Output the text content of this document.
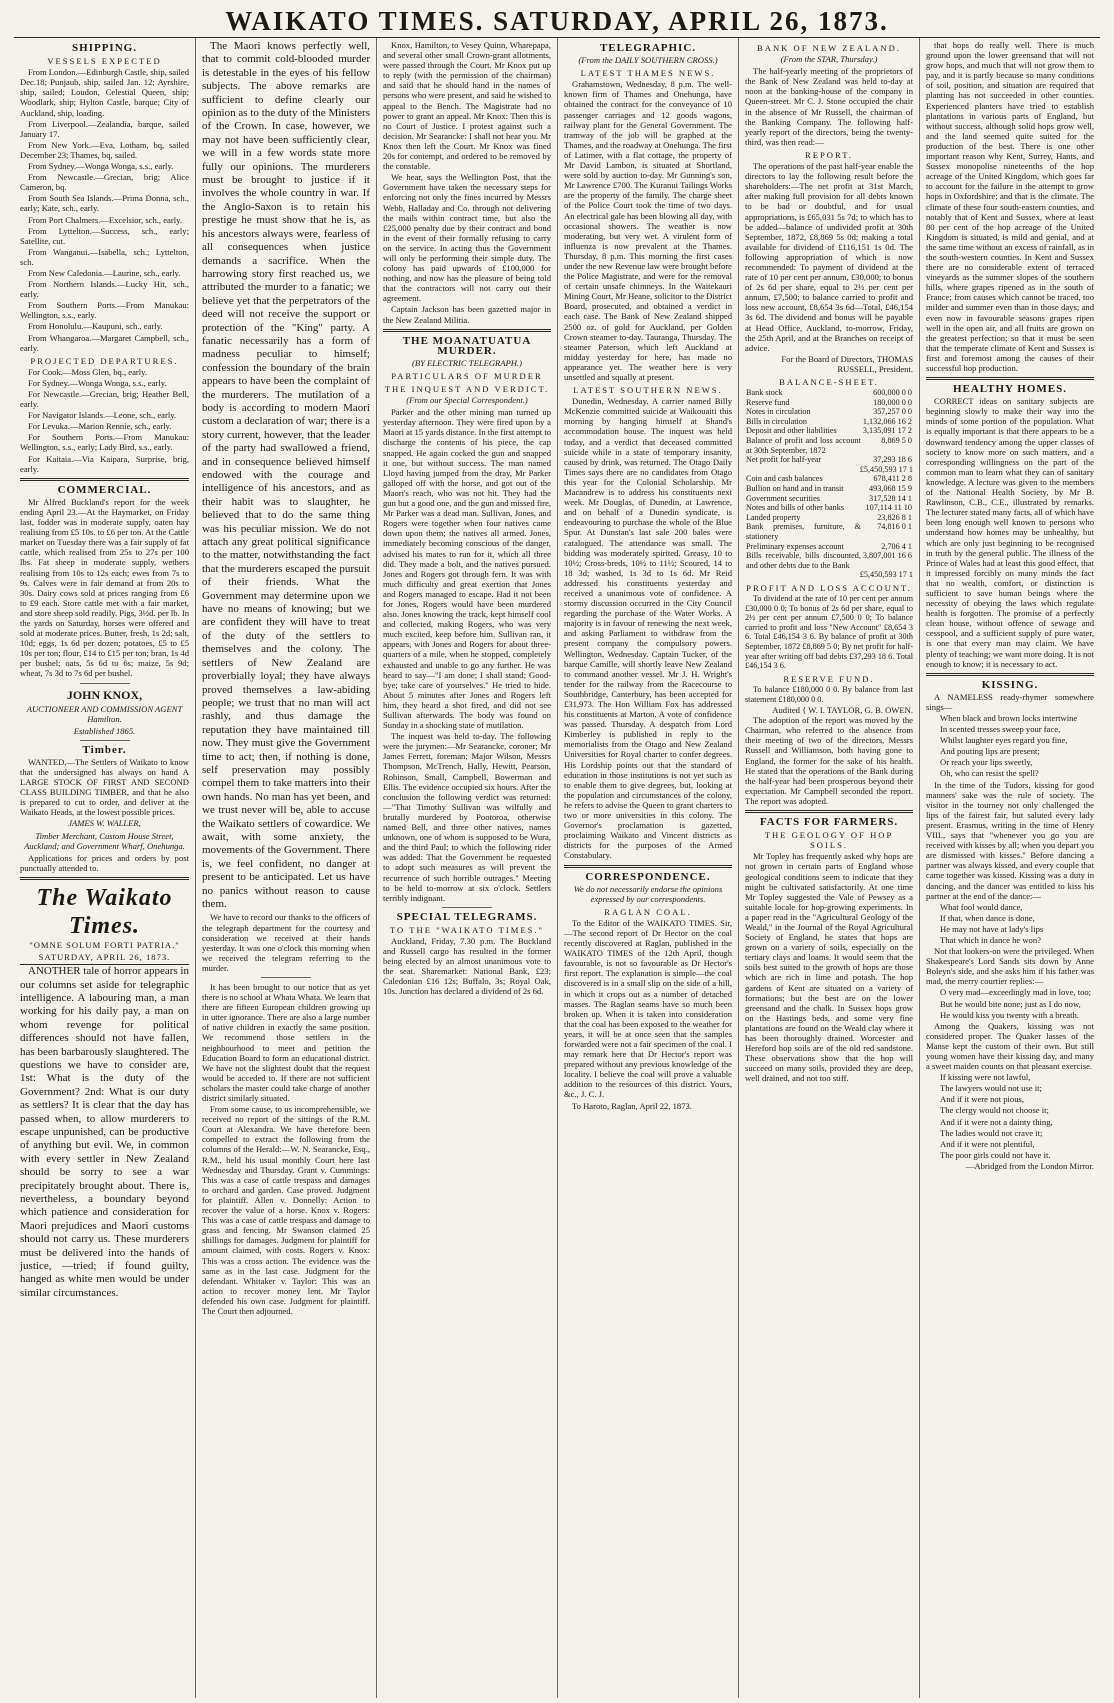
WAIKATO TIMES. SATURDAY, APRIL 26, 1873.
SHIPPING.
VESSELS EXPECTED

From London.—Edinburgh Castle, ship, sailed Dec.18; Punjaub, ship, sailed Jan. 12; Ayrshire, ship, sailed; Loudon, Celestial Queen, ship; Woodlark, ship; Hylton Castle, barque; City of Auckland, ship, loading.

From Liverpool.—Zealandia, barque, sailed January 17.

From New York.—Eva, Lotham, bq, sailed December 23; Thames, bq, sailed.

From Sydney.—Wonga Wonga, s.s., early.

From Newcastle.—Grecian, brig; Alice Cameron, bq.

From South Sea Islands.—Prima Donna, sch., early; Kate, sch., early.

From Port Chalmers.—Excelsior, sch., early.

From Lyttelton.—Success, sch., early; Satellite, cut.

From Wanganui.—Isabella, sch.; Lyttelton, sch.

From New Caledonia.—Laurine, sch., early.

From Northern Islands.—Lucky Hit, sch., early.

From Southern Ports.—From Manukau: Wellington, s.s., early.

From Honolulu.—Kaupuni, sch., early.

From Whangaroa.—Margaret Campbell, sch., early.

PROJECTED DEPARTURES.

For Cook.—Moss Glen, bq., early.

For Sydney.—Wonga Wonga, s.s., early.

For Newcastle.—Grecian, brig; Heather Bell, early.

For Navigator Islands.—Leone, sch., early.

For Levuka.—Marion Rennie, sch., early.

For Southern Ports.—From Manukau: Wellington, s.s., early; Lady Bird, s.s., early.

For Kaitaia.—Via Kaipara, Surprise, brig, early.

COMMERCIAL.

Mr Alfred Buckland's report for the week ending April 23.—At the Haymarket, on Friday last, fodder was in moderate supply, oaten hay realising from £5 10s. to £6 per ton. At the Cattle market on Tuesday there was a fair supply of fat cattle, which realised from 25s to 27s per 100 lbs. Fat sheep in moderate supply, wethers realising from 10s to 12s each; ewes from 7s to 9s. Calves were in fair demand at from 20s to 30s. Dairy cows sold at prices ranging from £6 to £9 each. Store cattle met with a fair market, and store sheep sold readily. Pigs, 3½d. per lb. In the yards on Saturday, horses were offered and sold at moderate prices. Butter, fresh, 1s 2d; salt, 10d; eggs, 1s 6d per dozen; potatoes, £5 to £5 10s per ton; flour, £14 to £15 per ton; bran, 1s 4d per bushel; oats, 5s 6d to 6s; maize, 5s 9d; wheat, 7s 3d to 7s 6d per bushel.

JOHN KNOX,
AUCTIONEER AND COMMISSION AGENT Hamilton.
Established 1865.
Timber.

WANTED,—The Settlers of Waikato to know that the undersigned has always on hand A LARGE STOCK OF FIRST AND SECOND CLASS BUILDING TIMBER, and that he also is prepared to cut to order, and deliver at the Waikato Heads, at the lowest possible prices.

JAMES W. WALLER,
Timber Merchant, Custom House Street, Auckland; and Government Wharf, Onehunga.

Applications for prices and orders by post punctually attended to.

The Waikato Times.
"OMNE SOLUM FORTI PATRIA."
SATURDAY, APRIL 26, 1873.

ANOTHER tale of horror appears in our columns set aside for telegraphic intelligence. A labouring man, a man working for his daily pay, a man on whom revenge for political differences should not have fallen, has been barbarously slaughtered. The questions we have to consider are, 1st: What is the duty of the Government? 2nd: What is our duty as settlers? It is clear that the day has passed when, to allow murderers to escape unpunished, can be productive of anything but evil. We, in common with every settler in New Zealand should be sorry to see a war precipitately brought about. There is, nevertheless, a boundary beyond which patience and consideration for Maori prejudices and Maori customs should not carry us. These murderers must be delivered into the hands of justice, —tried; if found guilty, hanged as white men would be under similar circumstances.

The Maori knows perfectly well, that to commit cold-blooded murder is detestable in the eyes of his fellow subjects. The above remarks are sufficient to define clearly our opinion as to the duty of the Ministers of the Crown. In case, however, we may not have been sufficiently clear, we will in a few words state more fully our opinions. The murderers must be brought to justice if it involves the whole country in war. If the Anglo-Saxon is to retain his prestige he must show that he is, as his ancestors always were, fearless of all consequences when justice demands a sacrifice. When the harrowing story first reached us, we attributed the murder to a fanatic; we believe yet that the perpetrators of the deed will not receive the support or protection of the "King" party. A fanatic necessarily has a form of madness peculiar to himself; confession the boundary of the brain appears to have been the complaint of the murderers. The mutilation of a body is according to modern Maori custom a declaration of war; there is a story current, however, that the leader of the party had swallowed a friend, and in consequence believed himself endowed with the courage and intelligence of his ancestors, and as their habit was to slaughter, he believed that to do the same thing was his peculiar mission. We do not attach any great political significance to the matter, notwithstanding the fact that the murderers escaped the pursuit of their friends. What the Government may determine upon we have no means of knowing; but we are confident they will have to treat of the duty of the settlers to themselves and the colony. The settlers of New Zealand are proverbially loyal; they have always proved themselves a law-abiding people; we trust that no man will act rashly, and thus damage the reputation they have maintained till now. They must give the Government time to act; then, if nothing is done, self preservation may possibly compel them to take matters into their own hands. No man has yet been, and we trust never will be, able to accuse the Waikato settlers of cowardice. We await, with some anxiety, the movements of the Government. There is, we feel confident, no danger at present to be anticipated. Let us have no panics without reason to cause them.

We have to record our thanks to the officers of the telegraph department for the courtesy and consideration we received at their hands yesterday. It was one o'clock this morning when we received the telegram referring to the murder.

It has been brought to our notice that as yet there is no school at Whata Whata. We learn that there are fifteen European children growing up in utter ignorance. There are also a large number of native children in exactly the same position. We recommend those settlers in the neighbourhood to meet and petition the Education Board to form an educational district. We have not the slightest doubt that the request would be acceded to. If there are not sufficient scholars the master could take charge of another district similarly situated.

From some cause, to us incomprehensible, we received no report of the sittings of the R.M. Court at Alexandra. We have therefore been compelled to extract the following from the columns of the Herald:—W. N. Searancke, Esq., R.M., held his usual monthly Court here last Wednesday and Thursday. Grant v. Cummings: This was a case of cattle trespass and damages to orchard and garden. Case proved. Judgment for plaintiff. Allen v. Donnelly: Action to recover the value of a horse. Knox v. Rogers: This was a case of cattle trespass and damage to grass and fencing. Mr Swanson claimed 25 shillings for damages. Judgment for plaintiff for amount claimed, with costs. Rogers v. Knox: This was a cross action. The evidence was the same as in the last case. Judgment for the defendant. Whitaker v. Taylor: This was an action to recover money lent. Mr Taylor defended his own case. Judgment for plaintiff. The Court then adjourned.

Knox, Hamilton, to Vesey Quinn, Wharepapa, and several other small Crown-grant allotments, were passed through the Court. Mr Knox put up to reply (with the permission of the chairman) and said that he should hand in the names of persons who were present, and said he wished to appeal to the Bench. The Magistrate had no power to grant an appeal. Mr Knox: Then this is no Court of Justice. I protest against such a decision. Mr Searancke: I shall not hear you. Mr Knox then left the Court. Mr Knox was fined 20s for contempt, and ordered to be removed by the constable.

We hear, says the Wellington Post, that the Government have taken the necessary steps for enforcing not only the fines incurred by Messrs Webb, Halladay and Co. through not delivering the mails within contract time, but also the £25,000 penalty due by their contract and bond in the event of their formally refusing to carry on the service. In acting thus the Government will only be performing their simple duty. The colony has paid upwards of £100,000 for nothing, and now has the pleasure of being told that the contractors will not carry out their agreement.

Captain Jackson has been gazetted major in the New Zealand Militia.

THE MOANATUATUA MURDER.
(BY ELECTRIC TELEGRAPH.)
PARTICULARS OF MURDER
THE INQUEST AND VERDICT.
(From our Special Correspondent.)

Parker and the other mining man turned up yesterday afternoon. They were fired upon by a Maori at 15 yards distance. In the first attempt to discharge the contents of his piece, the cap snapped. He again cocked the gun and snapped it one, but without success. The man named Lloyd having jumped from the dray, Mr Parker galloped off with the horse, and got out of the Maori's reach, who was not hit. They had the gun but a good one, and the gun and missed fire, Mr Parker was a dead man. Sullivan, Jones, and Rogers were together when four natives came down upon them; the natives all armed. Jones, immediately becoming conscious of the danger, advised his mates to run for it, which all three did. They made a bolt, and the natives pursued. Jones and Rogers got through fern. It was with much difficulty and great exertion that Jones and Rogers managed to escape. Had it not been for Jones, Rogers would have been murdered also. Jones knowing the track, kept himself cool and collected, making Rogers, who was very much excited, keep before him. Sullivan ran, it appears, with Jones and Rogers for about three-quarters of a mile, when he stopped, completely exhausted and unable to go any further. He was heard to say—"I am done; I shall stand; Good-bye; take care of yourselves." He tried to hide. About 5 minutes after Jones and Rogers left him, they heard a shot fired, and did not see Sullivan afterwards. The body was found on Sunday in a shocking state of mutilation.

The inquest was held to-day. The following were the jurymen:—Mr Searancke, coroner; Mr James Ferrett, foreman; Major Wilson, Messrs Thompson, McTrench, Hally, Hewitt, Pearson, Robinson, Small, Campbell, Bowerman and Ellis. The evidence occupied six hours. After the conclusion the following verdict was returned:—"That Timothy Sullivan was wilfully and brutally murdered by Pootoroa, otherwise named Bell, and three other natives, names unknown, one of whom is supposed to be Wura, and the third Paul; to which the following rider was added: That the Government be requested to adopt such measures as will prevent the recurrence of such horrible outrages." Meeting to be held to-morrow at six o'clock. Settlers terribly indignant.

SPECIAL TELEGRAMS.
TO THE "WAIKATO TIMES."

Auckland, Friday, 7.30 p.m. The Buckland and Russell cargo has resulted in the former being elected by an almost unanimous vote to the seat. Sharemarket: National Bank, £23; Caledonian £16 12s; Buffalo, 3s; Royal Oak, 10s. Junction has declared a dividend of 2s 6d.

TELEGRAPHIC.
(From the DAILY SOUTHERN CROSS.)
LATEST THAMES NEWS.

Grahamstown, Wednesday, 8 p.m. The well-known firm of Thames and Onehunga, have obtained the contract for the conveyance of 10 passenger carriages and 12 goods wagons, railway plant for the General Government. The tramway of the job will be graphed at the Thames, and the roadway at Onehunga. The first of Latimer, with a flat cottage, the property of Mr David Lambon, is situated at Shortland, were sold by auction to-day. Mr Gunning's son, Mr Lawrence £700. The Kuranui Tailings Works are the property of the family. The charge sheet of the Police Court took the time of two days. An electrical gale has been blowing all day, with occasional showers. The weather is now moderating, but very wet. A virulent form of influenza is now prevalent at the Thames. Thursday, 8 p.m. This morning the first cases under the new Revenue law were brought before the Police Magistrate, and were for the removal of certain unsafe chimneys. In the Waitekauri Mining Court, Mr Heane, solicitor to the District Board, prosecuted, and obtained a verdict in each case. The Bank of New Zealand shipped 2500 oz. of gold for Auckland, per Golden Crown steamer to-day. Tauranga, Thursday. The steamer Paterson, which left Auckland at midday yesterday for here, has made no appearance yet. The weather here is very unsettled and squally at present.

LATEST SOUTHERN NEWS.

Dunedin, Wednesday. A carrier named Billy McKenzie committed suicide at Waikouaiti this morning by hanging himself at Shand's accommodation house. The inquest was held today, and a verdict that deceased committed suicide while in a state of temporary insanity, caused by drink, was returned. The Otago Daily Times says there are no candidates from Otago this year for the Colonial Scholarship. Mr Macandrew is to address his constituents next week. Mr Douglas, of Dunedin, at Lawrence, and on behalf of a Dunedin syndicate, is endeavouring to purchase the whole of the Blue Spur. At Dunstan's last sale 200 bales were catalogued. The attendance was small. The bidding was moderately spirited. Greasy, 10 to 10½; Cross-breds, 10½ to 11½; Scoured, 14 to 18 3d; washed, 1s 3d to 1s 6d. Mr Reid addressed his constituents yesterday and received a unanimous vote of confidence. A stormy discussion occurred in the City Council regarding the purchase of the Water Works. A majority is in favour of renewing the next week, and asking Parliament to withdraw from the present company the compulsory powers. Wellington, Wednesday. Captain Tucker, of the barque Camille, will shortly leave New Zealand to command another vessel. Mr J. H. Wright's tender for the railway from the Racecourse to Southbridge, Canterbury, has been accepted for £31,973. The Hon William Fox has addressed his constituents at Marton. A vote of confidence was passed. Thursday. A despatch from Lord Kimberley is published in reply to the memorialists from the Otago and New Zealand Universities for Royal charter to confer degrees. His Lordship points out that the standard of education in those institutions is not yet such as to enable them to give degrees, but, looking at the population and circumstances of the colony, he refers to advise the Queen to grant charters to two or more universities in this colony. The Governor's proclamation is gazetted, proclaiming Waikato and Vincent districts as districts for the purposes of the Armed Constabulary.

CORRESPONDENCE.
We do not necessarily endorse the opinions expressed by our correspondents.
RAGLAN COAL.

To the Editor of the WAIKATO TIMES. Sir,—The second report of Dr Hector on the coal recently discovered at Raglan, published in the WAIKATO TIMES of the 12th April, though favourable, is not so favourable as Dr Hector's first report. The explanation is simple—the coal discovered is in a small slip on the side of a hill, in which it crops out as a number of detached masses. The Raglan seams have so much been broken up. When it is taken into consideration that the coal has been exposed to the weather for years, it will be at once seen that the samples forwarded were not a fair specimen of the coal. I may remark here that Dr Hector's report was prepared without any previous knowledge of the locality. I believe the coal will prove a valuable addition to the resources of this district. Yours, &c., J. C. J.

To Haroto, Raglan, April 22, 1873.

BANK OF NEW ZEALAND.
(From the STAR, Thursday.)

The half-yearly meeting of the proprietors of the Bank of New Zealand was held to-day at noon at the banking-house of the company in Queen-street. Mr C. J. Stone occupied the chair in the absence of Mr Russell, the chairman of the Banking Company. The following half-yearly report of the directors, being the twenty-third, was then read:—

REPORT.

The operations of the past half-year enable the directors to lay the following result before the shareholders:—The net profit at 31st March, after making full provision for all debts known to be bad or doubtful, and for usual appropriations, is £65,031 5s 7d; to which has to be added—balance of undivided profit at 30th September, 1872, £8,869 5s 0d; making a total available for dividend of £116,151 1s 0d. The following appropriation of which is now recommended: To payment of dividend at the rate of 10 per cent per annum, £30,000; to bonus of 2s 6d per share, equal to 2½ per cent per annum, £7,500; to balance carried to profit and loss new account, £8,654 3s 6d—Total, £46,154 3s 6d. The dividend and bonus will be payable at Head Office, Auckland, to-morrow, Friday, the 25th April, and at the Branches on receipt of advice.

For the Board of Directors, THOMAS RUSSELL, President.
BALANCE-SHEET.
Bank stock	600,000 0 0
Reserve fund	180,000 0 0
Notes in circulation	357,257 0 0
Bills in circulation	1,132,066 16 2
Deposit and other liabilities	3,135,091 17 2
Balance of profit and loss account at 30th September, 1872	8,869 5 0
Net profit for half-year	37,293 18 6
£5,450,593 17 1
Coin and cash balances	678,411 2 8
Bullion on hand and in transit	493,068 15 9
Government securities	317,528 14 1
Notes and bills of other banks	107,114 11 10
Landed property	23,826 8 1
Bank premises, furniture, & stationery	74,816 0 1
Preliminary expenses account	2,706 4 1
Bills receivable, bills discounted, and other debts due to the Bank	3,807,001 16 6
£5,450,593 17 1
PROFIT AND LOSS ACCOUNT.

To dividend at the rate of 10 per cent per annum £30,000 0 0; To bonus of 2s 6d per share, equal to 2½ per cent per annum £7,500 0 0; To balance carried to profit and loss "New Account" £8,654 3 6. Total £46,154 3 6. By balance of profit at 30th September, 1872 £8,869 5 0; By net profit for half-year after writing off bad debts £37,293 18 6. Total £46,154 3 6.

RESERVE FUND.

To balance £180,000 0 0. By balance from last statement £180,000 0 0.

Audited { W. I. TAYLOR, G. B. OWEN.

The adoption of the report was moved by the Chairman, who referred to the absence from their meeting of two of the directors, Messrs Russell and Williamson, both having gone to England, the former for the sake of his health. He stated that the operations of the Bank during the half-year had been prosperous beyond their expectation. Mr Campbell seconded the report. The report was adopted.

FACTS FOR FARMERS.
THE GEOLOGY OF HOP SOILS.

Mr Topley has frequently asked why hops are not grown in certain parts of England whose geological conditions seem to indicate that they might be cultivated satisfactorily. At one time Mr Topley suggested the Vale of Pewsey as a suitable locale for hop-growing experiments. In a paper read in the "Agricultural Geology of the Weald," in the Journal of the Royal Agricultural Society of England, he states that hops are grown on a variety of soils, especially on the tertiary clays and loams. It would seem that the soils best suited to the growth of hops are those which are rich in lime and potash. The hop gardens of Kent are situated on a variety of formations; but the best are on the lower greensand and the chalk. In Sussex hops grow on the Hastings beds, and some very fine plantations are found on the Weald clay where it has been thoroughly drained. Worcester and Hereford hop soils are of the old red sandstone. These observations show that the hop will succeed on many soils, provided they are deep, well drained, and not too stiff.

that hops do really well. There is much ground upon the lower greensand that will not grow hops, and much that will not grow them to pay, and it is partly because so many conditions of soil, position, and situation are required that planting has not succeeded in other counties. Experienced planters have tried to establish plantations in various parts of England, but without success, although solid hops grow well, and the land seemed quite suited for the production of the best. There is one other important reason why Kent, Surrey, Hants, and Sussex monopolise nineteenths of the hop acreage of the United Kingdom, which goes far to account for the failure in the attempt to grow hops in Oxfordshire; and that is the climate. The climate of these four south-eastern counties, and notably that of Kent and Sussex, where at least 80 per cent of the hop acreage of the United Kingdom is situated, is mild and genial, and at the same time without an excess of rainfall, as in the south-western counties. In Kent and Sussex there are no considerable extent of terraced vineyards as the summer slopes of the southern hills, where grapes ripened as in the south of France; from causes which cannot be traced, too milder and summer even than in those days; and even now in favourable seasons grapes ripen well in the open air, and all fruits are grown on the greatest perfection; so that it must be seen that the temperate climate of Kent and Sussex is first and foremost among the causes of their successful hop production.

HEALTHY HOMES.

CORRECT ideas on sanitary subjects are beginning slowly to make their way into the minds of some portion of the population. What is equally important is that there appears to be a downward tendency among the upper classes of society to know more on such matters, and a corresponding willingness on the part of the common man to learn what they can of sanitary knowledge. A lecture was given to the members of the National Health Society, by Mr B. Rawlinson, C.B., C.E., illustrated by remarks. The lecturer stated many facts, all of which have been long enough well known to persons who understand how homes may be unhealthy, but which are only just beginning to be recognised in truth by the general public. The illness of the Prince of Wales had at least this good effect, that it impressed forcibly on many minds the fact that no wealth, comfort, or distinction is sufficient to save human beings where the necessity of obeying the laws which regulate health is forgotten. The promise of a perfectly clean house, without offence of sewage and cesspool, and a sufficient supply of pure water, is one that every man may claim. We have plenty of teaching; we want more doing. It is not enough to know; it is necessary to act.

KISSING.

A NAMELESS ready-rhymer somewhere sings—

When black and brown locks intertwine

In scented tresses sweep your face,

Whilst laughter eyes regard you fine,

And pouting lips are present;

Or reach your lips sweetly,

Oh, who can resist the spell?

In the time of the Tudors, kissing for good manners' sake was the rule of society. The visitor in the tourney not only challenged the lips of the fairest fair, but saluted every lady present. Erasmus, writing in the time of Henry VIII., says that "whenever you go you are received with kisses by all; when you depart you are dismissed with kisses." Before dancing a partner was always kissed, and every couple that came together was kissed. Kissing was a duty in dancing, and the dancer was entitled to kiss his partner at the end of the dance:—

What fool would dance,

If that, when dance is done,

He may not have at lady's lips

That which in dance he won?

Not that lookers-on were the privileged. When Shakespeare's Lord Sands sits down by Anne Boleyn's side, and she asks him if his father was mad, the merry courtier replies:—

O very mad—exceedingly mad in love, too;

But he would bite none; just as I do now,

He would kiss you twenty with a breath.

Among the Quakers, kissing was not considered proper. The Quaker lasses of the Manse kept the custom of their own. But still young women have their kissing day, and many a sweet maiden counts on that pleasant exercise.

If kissing were not lawful,

The lawyers would not use it;

And if it were not pious,

The clergy would not choose it;

And if it were not a dainty thing,

The ladies would not crave it;

And if it were not plentiful,

The poor girls could not have it.

—Abridged from the London Mirror.
